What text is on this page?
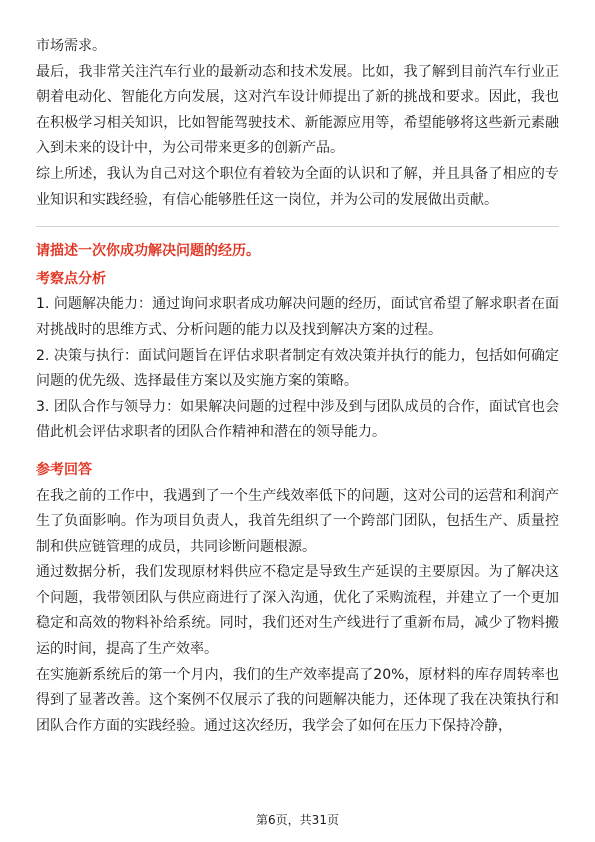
市场需求。

最后，我非常关注汽车行业的最新动态和技术发展。比如，我了解到目前汽车行业正朝着电动化、智能化方向发展，这对汽车设计师提出了新的挑战和要求。因此，我也在积极学习相关知识，比如智能驾驶技术、新能源应用等，希望能够将这些新元素融入到未来的设计中，为公司带来更多的创新产品。

综上所述，我认为自己对这个职位有着较为全面的认识和了解，并且具备了相应的专业知识和实践经验，有信心能够胜任这一岗位，并为公司的发展做出贡献。

请描述一次你成功解决问题的经历。
考察点分析

1. 问题解决能力：通过询问求职者成功解决问题的经历，面试官希望了解求职者在面对挑战时的思维方式、分析问题的能力以及找到解决方案的过程。

2. 决策与执行：面试问题旨在评估求职者制定有效决策并执行的能力，包括如何确定问题的优先级、选择最佳方案以及实施方案的策略。

3. 团队合作与领导力：如果解决问题的过程中涉及到与团队成员的合作，面试官也会借此机会评估求职者的团队合作精神和潜在的领导能力。

参考回答

在我之前的工作中，我遇到了一个生产线效率低下的问题，这对公司的运营和利润产生了负面影响。作为项目负责人，我首先组织了一个跨部门团队，包括生产、质量控制和供应链管理的成员，共同诊断问题根源。

通过数据分析，我们发现原材料供应不稳定是导致生产延误的主要原因。为了解决这个问题，我带领团队与供应商进行了深入沟通，优化了采购流程，并建立了一个更加稳定和高效的物料补给系统。同时，我们还对生产线进行了重新布局，减少了物料搬运的时间，提高了生产效率。

在实施新系统后的第一个月内，我们的生产效率提高了20%，原材料的库存周转率也得到了显著改善。这个案例不仅展示了我的问题解决能力，还体现了我在决策执行和团队合作方面的实践经验。通过这次经历，我学会了如何在压力下保持冷静，

第6页，共31页
